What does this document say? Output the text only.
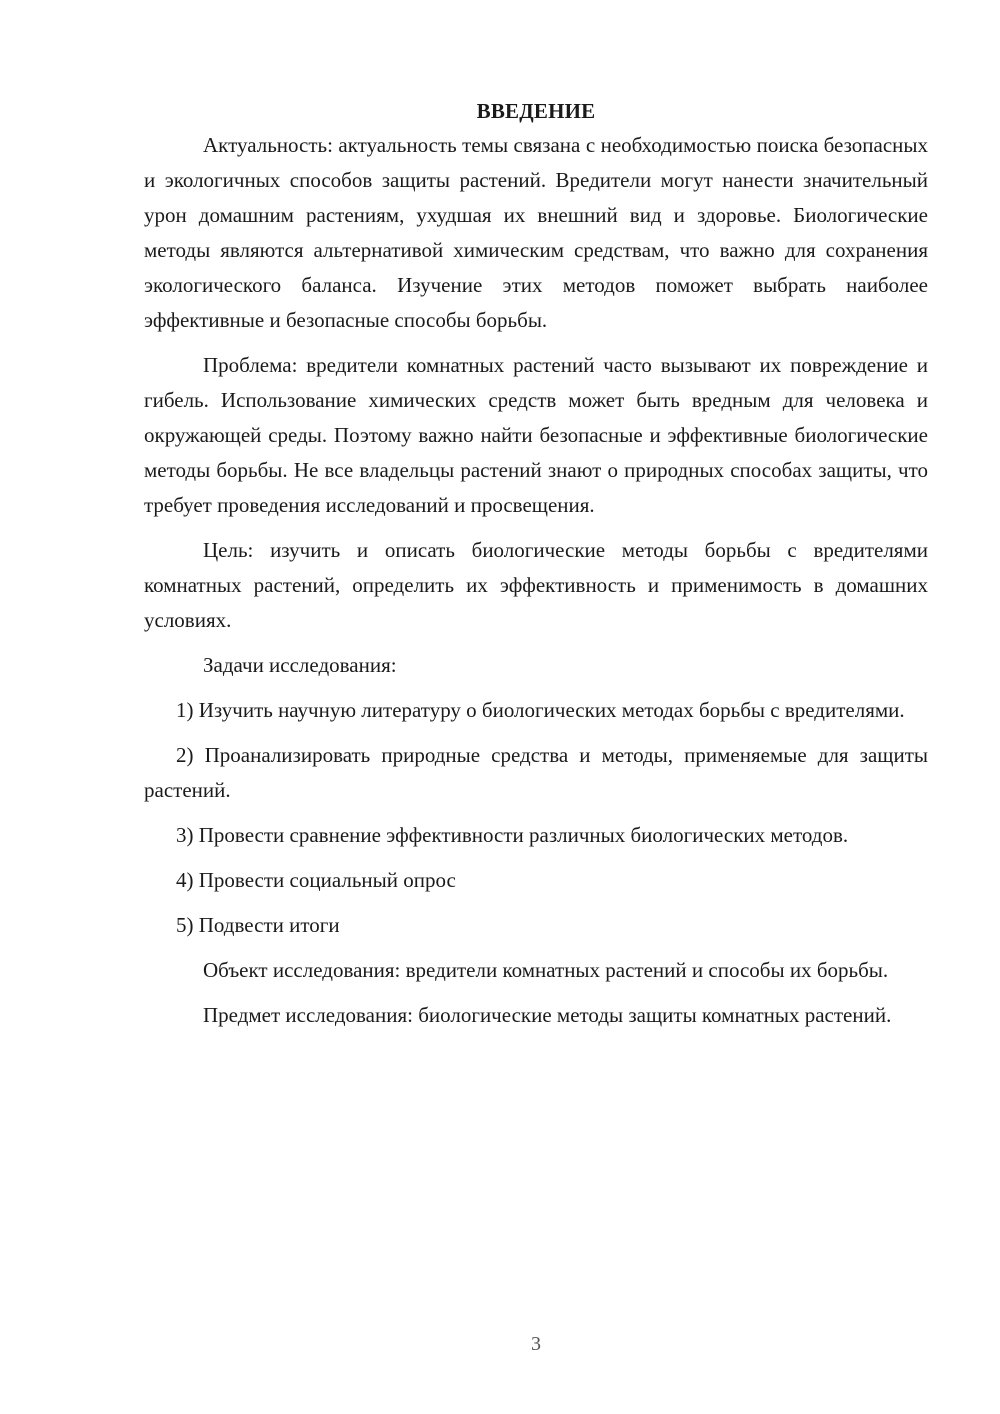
ВВЕДЕНИЕ

Актуальность: актуальность темы связана с необходимостью поиска безопасных и экологичных способов защиты растений. Вредители могут нанести значительный урон домашним растениям, ухудшая их внешний вид и здоровье. Биологические методы являются альтернативой химическим средствам, что важно для сохранения экологического баланса. Изучение этих методов поможет выбрать наиболее эффективные и безопасные способы борьбы.

Проблема: вредители комнатных растений часто вызывают их повреждение и гибель. Использование химических средств может быть вредным для человека и окружающей среды. Поэтому важно найти безопасные и эффективные биологические методы борьбы. Не все владельцы растений знают о природных способах защиты, что требует проведения исследований и просвещения.

Цель: изучить и описать биологические методы борьбы с вредителями комнатных растений, определить их эффективность и применимость в домашних условиях.

Задачи исследования:

1) Изучить научную литературу о биологических методах борьбы с вредителями.

2) Проанализировать природные средства и методы, применяемые для защиты растений.

3) Провести сравнение эффективности различных биологических методов.

4) Провести социальный опрос

5) Подвести итоги

Объект исследования: вредители комнатных растений и способы их борьбы.

Предмет исследования: биологические методы защиты комнатных растений.

3
